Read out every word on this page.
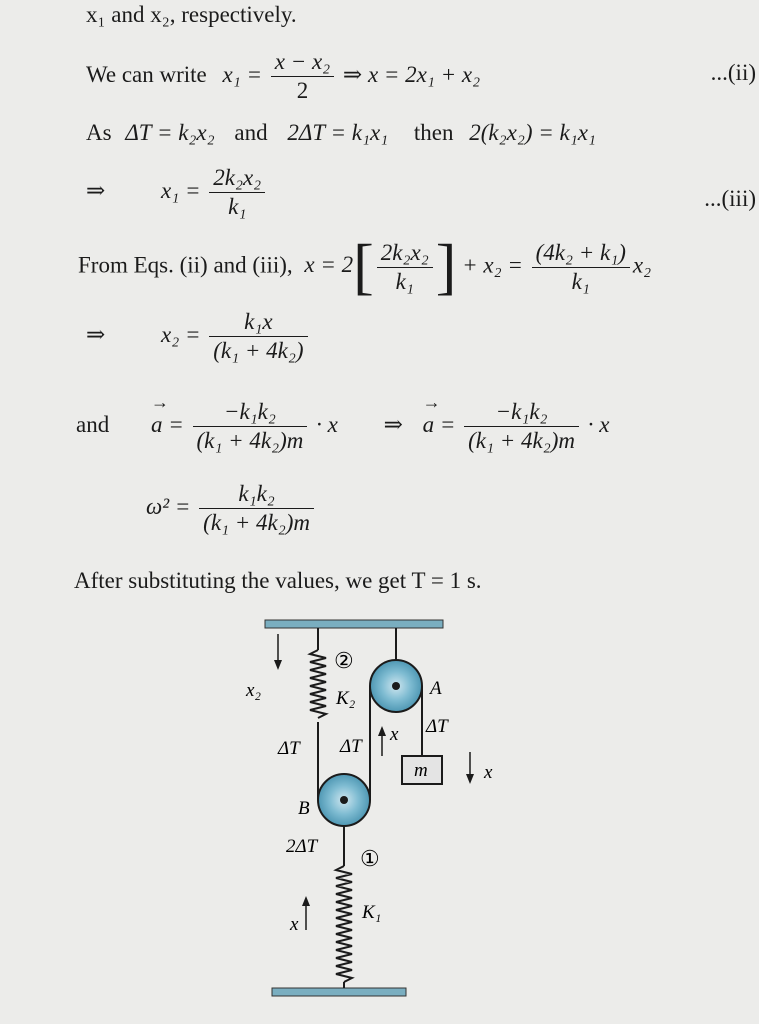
x₁ and x₂, respectively.
We can write $x_1 = \frac{\text{x − x₂}}{2}$ ⇒ x = 2x₁ + x₂	...(ii)
As ΔT = k₂x₂ and 2ΔT = k₁x₁ then 2(k₂x₂) = k₁x₁
⇒ $x_1 = \frac{\text{2k₂x₂}}{\text{k₁}}$	...(iii)
From Eqs. (ii) and (iii), $x = 2[ \frac{\text{2k₂x₂}}{\text{k₁}}$ ] + $x_2 = \frac{\text{(4k₂ + k₁)}}{\text{k₁}} x_2$
⇒ $x_2 = \frac{\text{k₁x}}{\text{(k₁ + 4k₂)}}$
and → $a = \frac{\text{−k₁k₂}}{\text{(k₁ + 4k₂)m}} \cdot x$ ⇒ → $a = \frac{\text{−k₁k₂}}{\text{(k₁ + 4k₂)m}} \cdot x$
$\omega^2 = \frac{\text{k₁k₂}}{\text{(k₁ + 4k₂)m}}$
After substituting the values, we get T = 1 s.
x₂
②
K₂	A
ΔT ΔT
x ΔT
m	x
B
2ΔT ①
x
K₁
